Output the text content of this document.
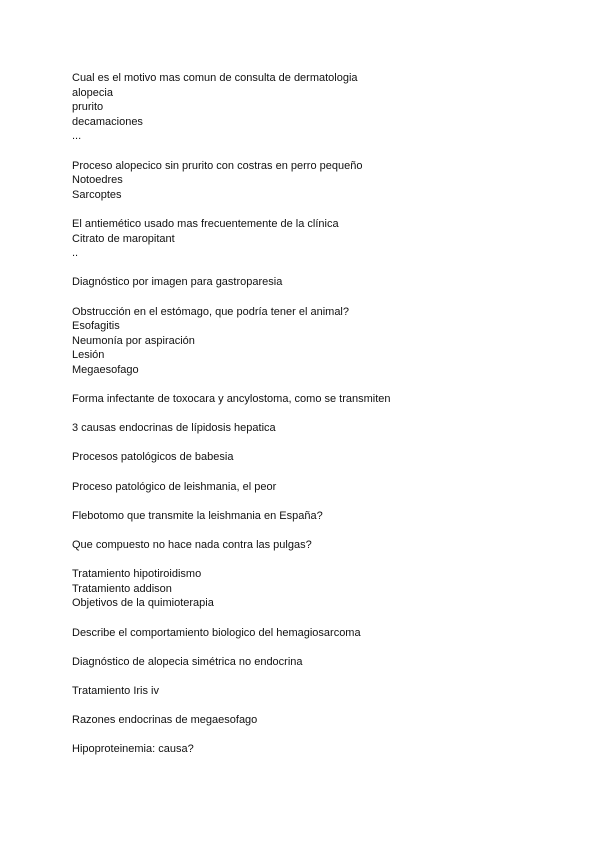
Cual es el motivo mas comun de consulta de dermatologia
alopecia
prurito
decamaciones
...
Proceso alopecico sin prurito con costras en perro pequeño
Notoedres
Sarcoptes
El antiemético usado mas frecuentemente de la clínica
Citrato de maropitant
..
Diagnóstico por imagen para gastroparesia
Obstrucción en el estómago, que podría tener el animal?
Esofagitis
Neumonía por aspiración
Lesión
Megaesofago
Forma infectante de toxocara y ancylostoma, como se transmiten
3 causas endocrinas de lípidosis hepatica
Procesos patológicos de babesia
Proceso patológico de leishmania, el peor
Flebotomo que transmite la leishmania en España?
Que compuesto no hace nada contra las pulgas?
Tratamiento hipotiroidismo
Tratamiento addison
Objetivos de la quimioterapia
Describe el comportamiento biologico del hemagiosarcoma
Diagnóstico de alopecia simétrica no endocrina
Tratamiento Iris iv
Razones endocrinas de megaesofago
Hipoproteinemia: causa?
